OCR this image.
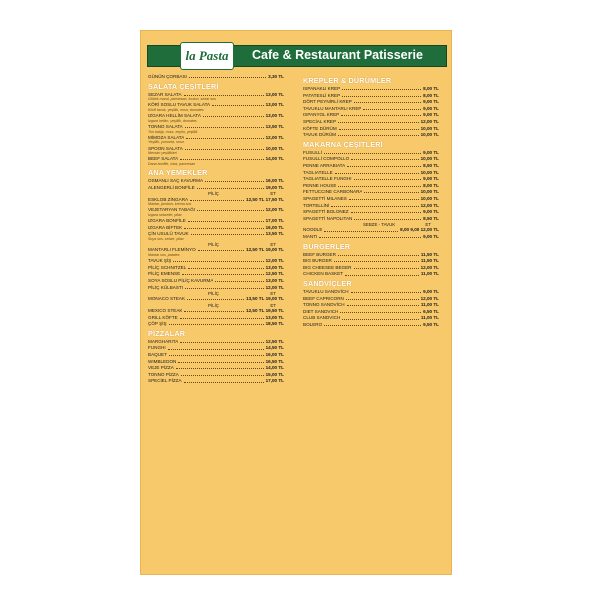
la Pasta Cafe & Restaurant Patisserie
GÜNÜN ÇORBASI	3,30 TL
SALATA ÇEŞİTLERİ
SEZAR SALATA	13,00 TL
Göbek marul, parmesan, kruton, sezar sos
KÖRİ SOSLU TAVUK SALATA	13,00 TL
Körili tavuk, yeşillik, mısır, domates
IZGARA HELLİM SALATA	13,00 TL
Izgara hellim, yeşillik, domates
TONNO SALATA	13,50 TL
Ton balığı, mısır, zeytin, yeşillik
MİMOZA SALATA	12,00 TL
Yeşillik, yumurta, mısır
SPOON SALATA	10,00 TL
Mevsim yeşillikleri
BEEF SALATA	14,00 TL
Dana bonfile, roka, parmesan
ANA YEMEKLER
OSMANLI SAÇ KAVURMA	16,00 TL
ALENGERLİ BONFİLE	19,00 TL
PİLİÇ	ET
ESKLOB ZİNGARA	12,50 TL 17,50 TL
Mantar, jambon, krema sos
VEJETARYAN TABAĞI	12,00 TL
Izgara sebzeler, pilav
IZGARA BONFİLE	17,00 TL
IZGARA BİFTEK	16,00 TL
ÇİN USULÜ TAVUK	13,50 TL
Soya sos, sebze, pilav
PİLİÇ	ET
MANTARLI FLEMİNYO	12,50 TL 19,00 TL
Mantar sos, patates
TAVUK ŞİŞ	12,00 TL
PİLİÇ SCHNITZEL	13,00 TL
PİLİÇ EMENSE	12,50 TL
SOYA SOSLU PİLİÇ KAVURMA	13,00 TL
PİLİÇ KÜLBASTI	12,00 TL
PİLİÇ	ET
MONACO STEAK	13,50 TL 19,00 TL
PİLİÇ	ET
MEXICO STEAK	12,50 TL 19,50 TL
GRILL KÖFTE	13,00 TL
ÇÖP ŞİŞ	18,50 TL
PİZZALAR
MARGHARITA	12,50 TL
FUNGHI	14,50 TL
BAQUET	16,00 TL
WIMBLEDON	16,50 TL
VEJE PİZZA	14,00 TL
TONNO PİZZA	15,00 TL
SPECİEL PİZZA	17,00 TL
KREPLER & DÜRÜMLER
ISPANAKLI KREP	8,00 TL
PATATESLİ KREP	8,00 TL
DÖRT PEYNİRLİ KREP	9,00 TL
TAVUKLU MANTARLI KREP	9,00 TL
ISPANYOL KREP	9,00 TL
SPECİAL KREP	12,00 TL
KÖFTE DÜRÜM	10,00 TL
TAVUK DÜRÜM	10,00 TL
MAKARNA ÇEŞİTLERİ
FUSULLİ	9,00 TL
FUSULLİ COMPOLLO	10,00 TL
PENNE ARRABIATA	8,50 TL
TAGLIATELLE	10,00 TL
TAGLIATELLE FUNGHI	9,00 TL
PENNE HOUSE	8,00 TL
FETTUCCINE CARBONARA	10,00 TL
SPAGETTİ MILANES	10,00 TL
TORTELLİNİ	12,00 TL
SPAGETTİ BOLONEZ	9,00 TL
SPAGETTİ NAPOLITAN	8,50 TL
SEBZE - TAVUK	ET
NOODLE	8,00 9,00 12,00 TL
MANTI	9,00 TL
BURGERLER
BEEF BURGER	11,50 TL
BIG BURGER	11,50 TL
BIG CHEESEE BEGER	12,00 TL
CHICKEN BASKET	11,00 TL
SANDVİÇLER
TAVUKLU SANDVİCH	9,00 TL
BEEF CAPRICORN	12,00 TL
TONNO SANDVİCH	11,00 TL
DIET SANDVICH	6,50 TL
CLUB SANDVICH	11,00 TL
BOLERO	9,50 TL
